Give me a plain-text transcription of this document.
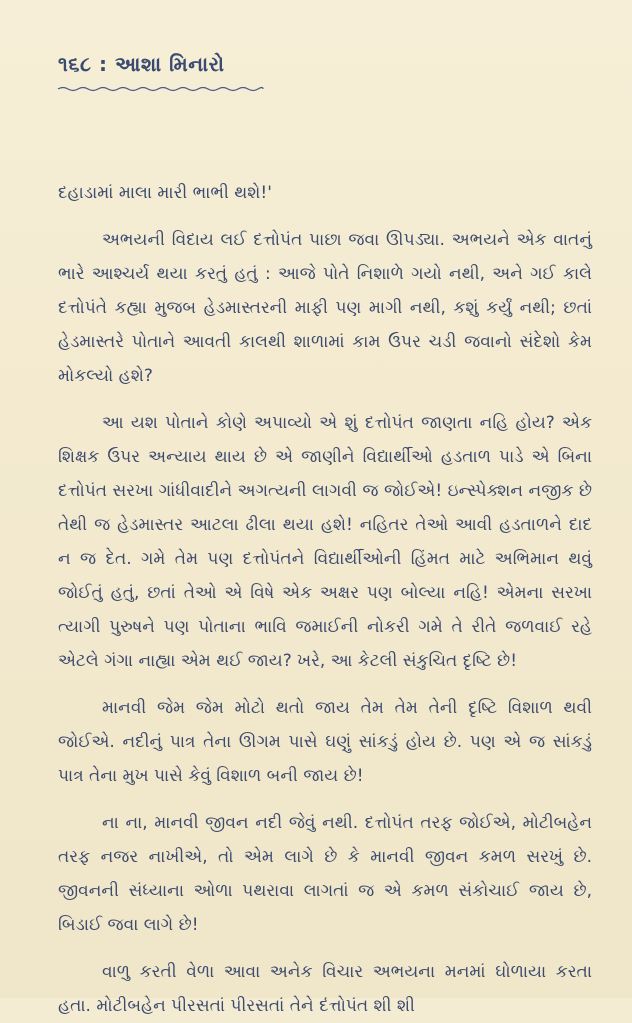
૧૬૮ : આશા મિનારો

દહાડામાં માલા મારી ભાભી થશે!'

અભયની વિદાય લઈ દત્તોપંત પાછા જવા ઊપડ્યા. અભયને એક વાતનું ભારે આશ્ચર્ય થયા કરતું હતું : આજે પોતે નિશાળે ગયો નથી, અને ગઈ કાલે દત્તોપંતે કહ્યા મુજબ હેડમાસ્તરની માફી પણ માગી નથી, કશું કર્યું નથી; છતાં હેડમાસ્તરે પોતાને આવતી કાલથી શાળામાં કામ ઉપર ચડી જવાનો સંદેશો કેમ મોકલ્યો હશે?

આ યશ પોતાને કોણે અપાવ્યો એ શું દત્તોપંત જાણતા નહિ હોય? એક શિક્ષક ઉપર અન્યાય થાય છે એ જાણીને વિદ્યાર્થીઓ હડતાળ પાડે એ બિના દત્તોપંત સરખા ગાંધીવાદીને અગત્યની લાગવી જ જોઈએ! ઇન્સ્પેક્શન નજીક છે તેથી જ હેડમાસ્તર આટલા ઢીલા થયા હશે! નહિતર તેઓ આવી હડતાળને દાદ ન જ દેત. ગમે તેમ પણ દત્તોપંતને વિદ્યાર્થીઓની હિંમત માટે અભિમાન થવું જોઈતું હતું, છતાં તેઓ એ વિષે એક અક્ષર પણ બોલ્યા નહિ! એમના સરખા ત્યાગી પુરુષને પણ પોતાના ભાવિ જમાઈની નોકરી ગમે તે રીતે જળવાઈ રહે એટલે ગંગા નાહ્યા એમ થઈ જાય? ખરે, આ કેટલી સંકુચિત દૃષ્ટિ છે!

માનવી જેમ જેમ મોટો થતો જાય તેમ તેમ તેની દૃષ્ટિ વિશાળ થવી જોઈએ. નદીનું પાત્ર તેના ઊગમ પાસે ઘણું સાંકડું હોય છે. પણ એ જ સાંકડું પાત્ર તેના મુખ પાસે કેવું વિશાળ બની જાય છે!

ના ના, માનવી જીવન નદી જેવું નથી. દત્તોપંત તરફ જોઈએ, મોટીબહેન તરફ નજર નાખીએ, તો એમ લાગે છે કે માનવી જીવન કમળ સરખું છે. જીવનની સંધ્યાના ઓળા પથરાવા લાગતાં જ એ કમળ સંકોચાઈ જાય છે, બિડાઈ જવા લાગે છે!

વાળુ કરતી વેળા આવા અનેક વિચાર અભયના મનમાં ઘોળાયા કરતા હતા. મોટીબહેન પીરસતાં પીરસતાં તેને દંત્તોપંત શી શી
